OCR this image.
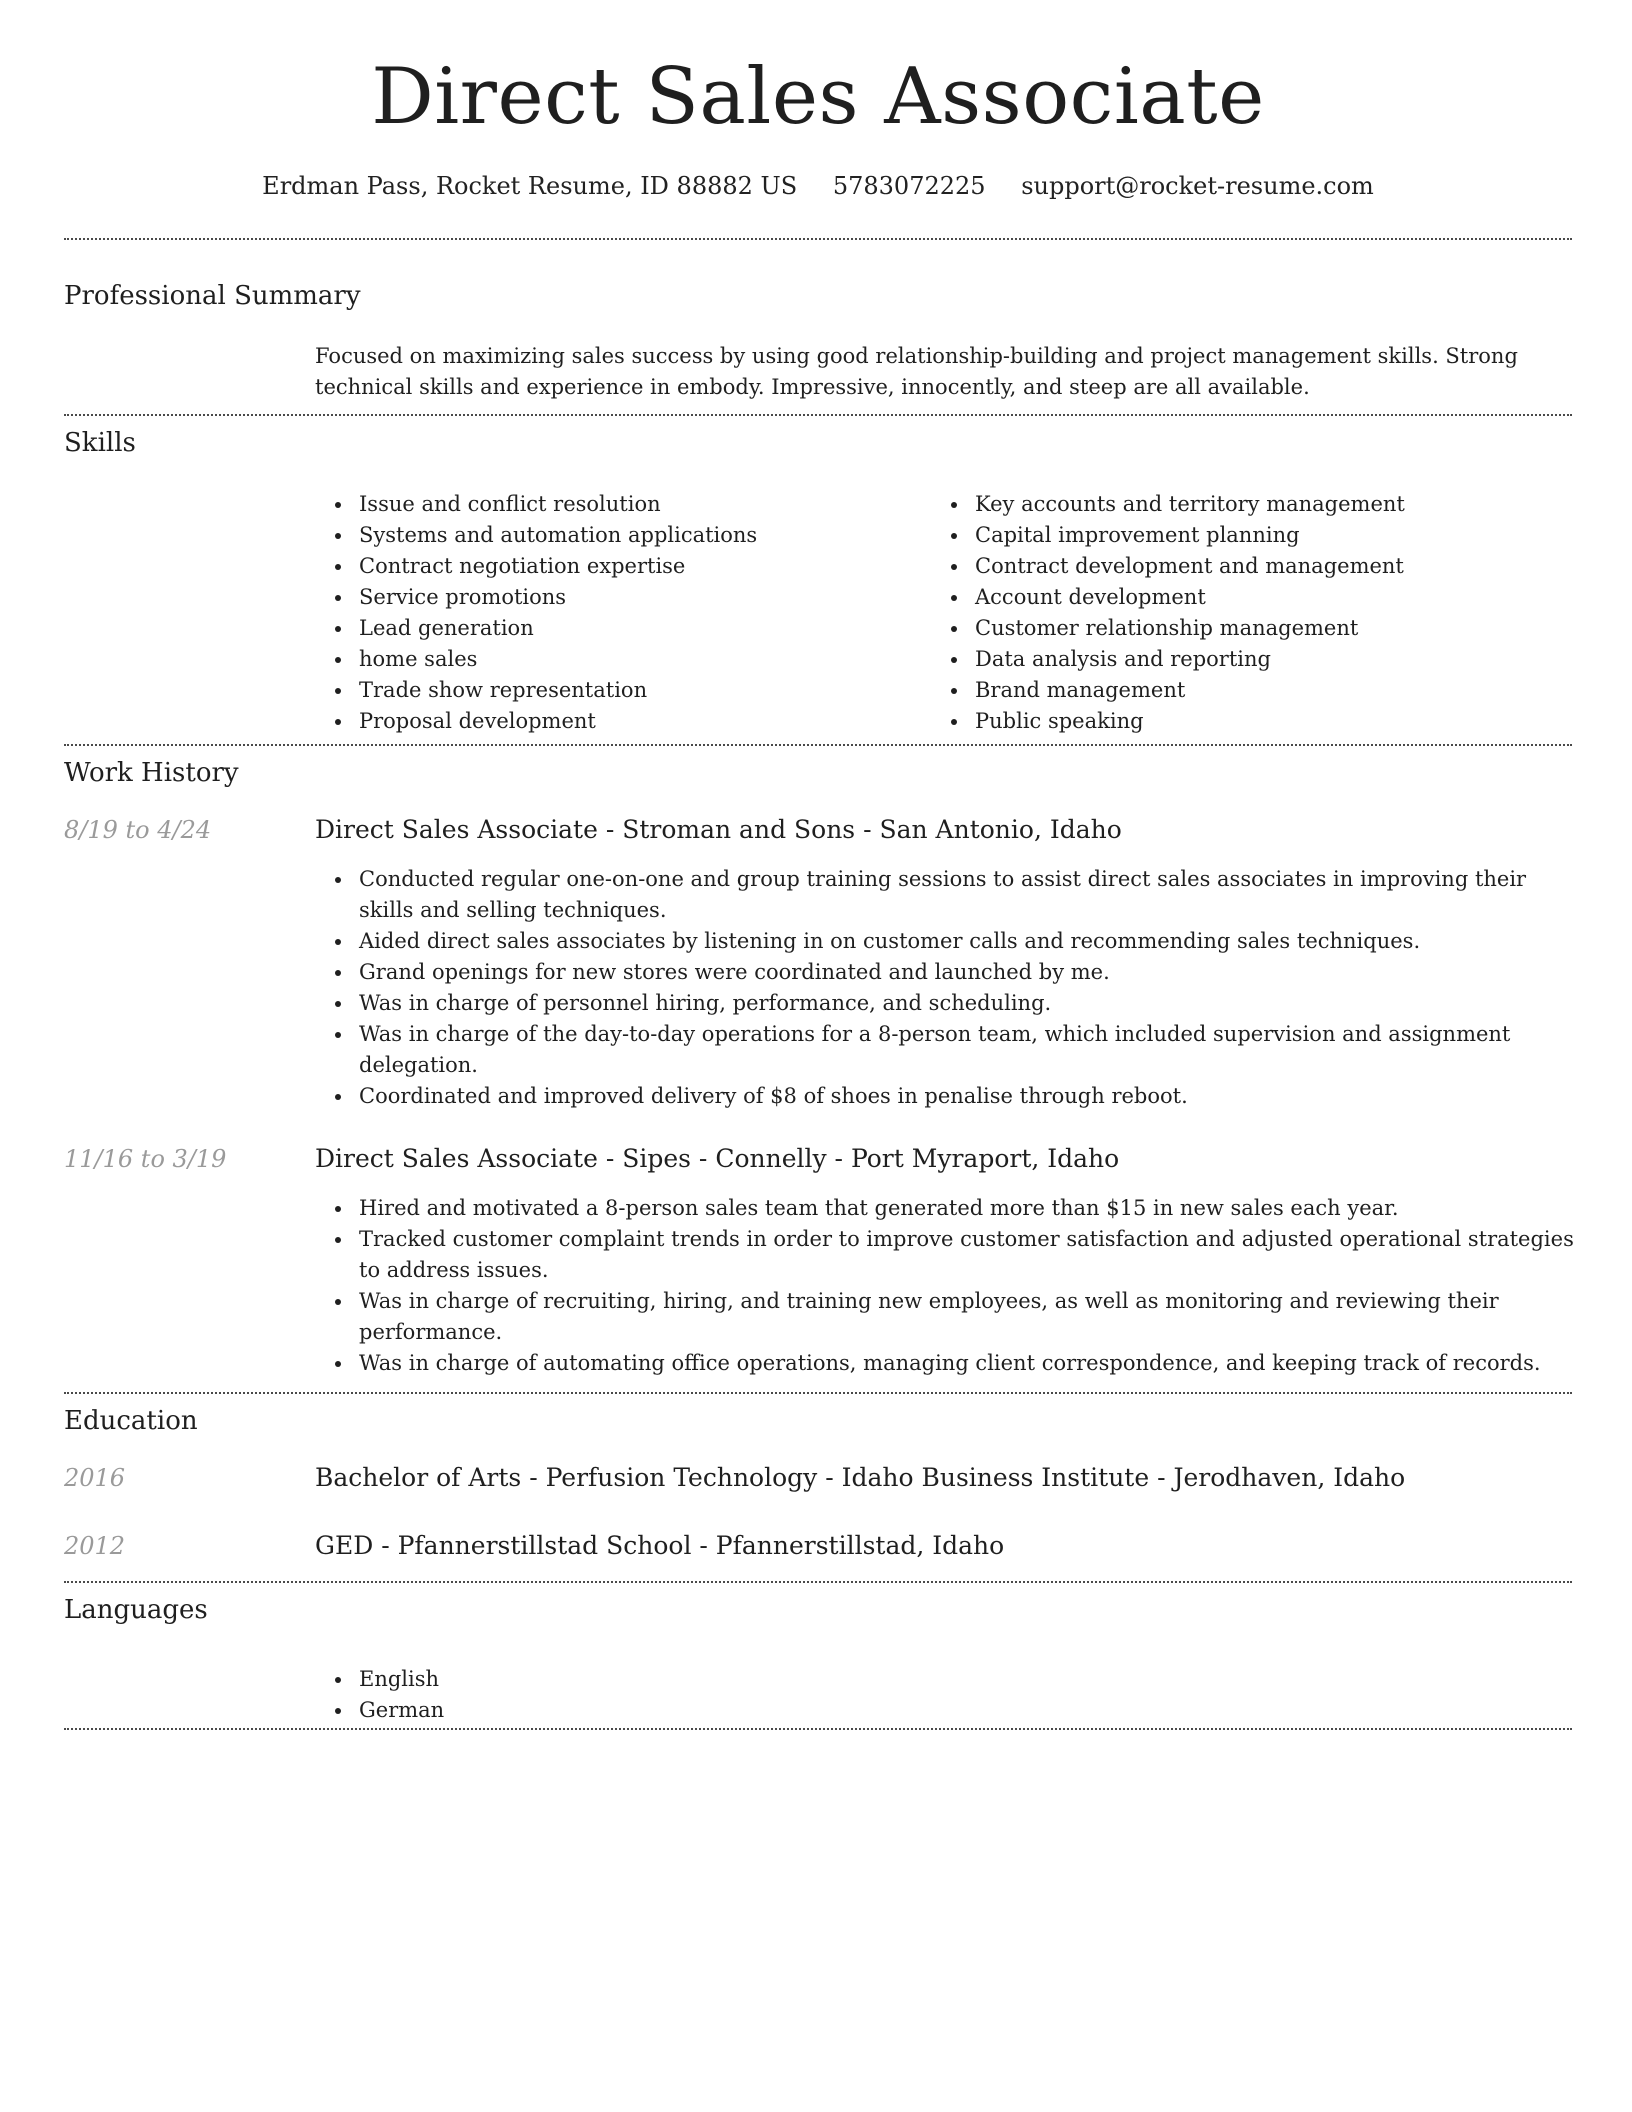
Direct Sales Associate
Erdman Pass, Rocket Resume, ID 88882 US 5783072225 support@rocket-resume.com
Professional Summary

Focused on maximizing sales success by using good relationship-building and project management skills. Strong technical skills and experience in embody. Impressive, innocently, and steep are all available.

Skills
Issue and conflict resolution
Systems and automation applications
Contract negotiation expertise
Service promotions
Lead generation
home sales
Trade show representation
Proposal development
Key accounts and territory management
Capital improvement planning
Contract development and management
Account development
Customer relationship management
Data analysis and reporting
Brand management
Public speaking
Work History
8/19 to 4/24	Direct Sales Associate - Stroman and Sons - San Antonio, Idaho
Conducted regular one-on-one and group training sessions to assist direct sales associates in improving their skills and selling techniques.
Aided direct sales associates by listening in on customer calls and recommending sales techniques.
Grand openings for new stores were coordinated and launched by me.
Was in charge of personnel hiring, performance, and scheduling.
Was in charge of the day-to-day operations for a 8-person team, which included supervision and assignment delegation.
Coordinated and improved delivery of $8 of shoes in penalise through reboot.
11/16 to 3/19	Direct Sales Associate - Sipes - Connelly - Port Myraport, Idaho
Hired and motivated a 8-person sales team that generated more than $15 in new sales each year.
Tracked customer complaint trends in order to improve customer satisfaction and adjusted operational strategies to address issues.
Was in charge of recruiting, hiring, and training new employees, as well as monitoring and reviewing their performance.
Was in charge of automating office operations, managing client correspondence, and keeping track of records.
Education
2016	Bachelor of Arts - Perfusion Technology - Idaho Business Institute - Jerodhaven, Idaho
2012	GED - Pfannerstillstad School - Pfannerstillstad, Idaho
Languages
English
German
